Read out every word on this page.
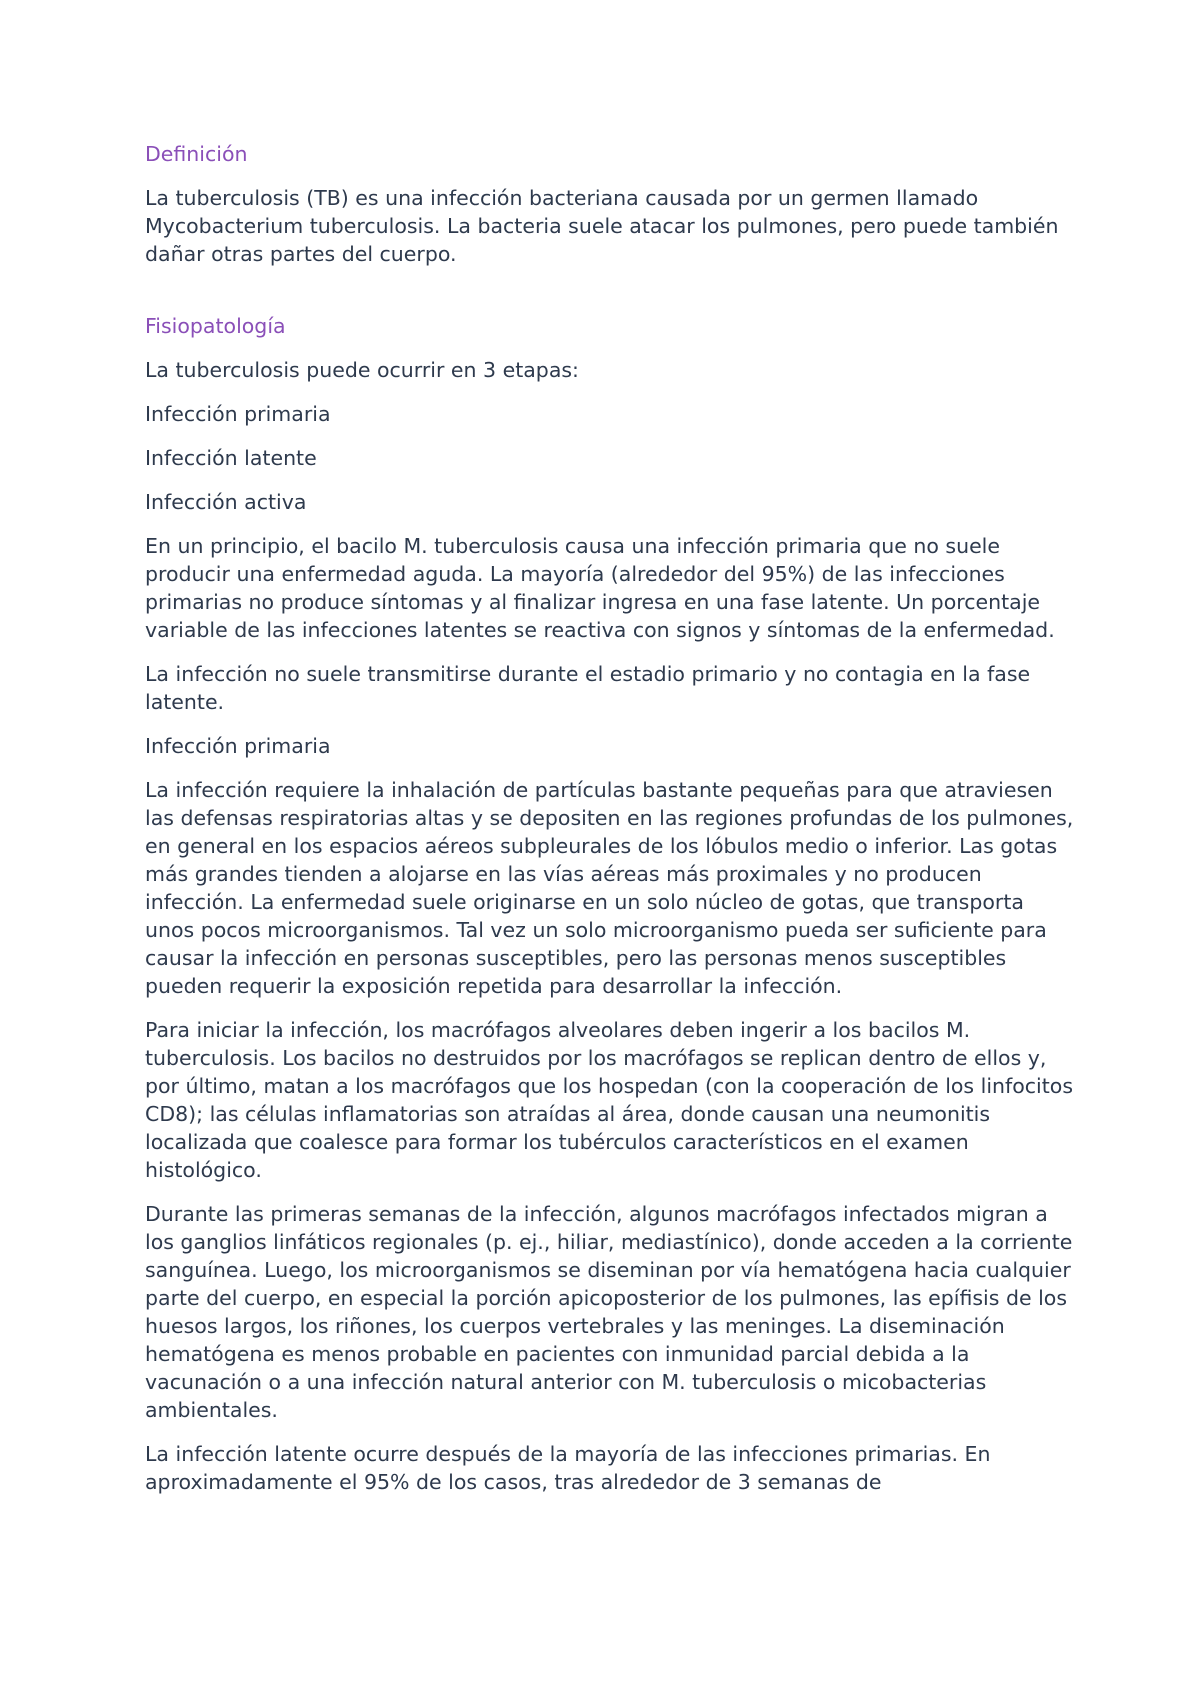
Definición

La tuberculosis (TB) es una infección bacteriana causada por un germen llamado Mycobacterium tuberculosis. La bacteria suele atacar los pulmones, pero puede también dañar otras partes del cuerpo.

Fisiopatología

La tuberculosis puede ocurrir en 3 etapas:

Infección primaria

Infección latente

Infección activa

En un principio, el bacilo M. tuberculosis causa una infección primaria que no suele producir una enfermedad aguda. La mayoría (alrededor del 95%) de las infecciones primarias no produce síntomas y al finalizar ingresa en una fase latente. Un porcentaje variable de las infecciones latentes se reactiva con signos y síntomas de la enfermedad.

La infección no suele transmitirse durante el estadio primario y no contagia en la fase latente.

Infección primaria

La infección requiere la inhalación de partículas bastante pequeñas para que atraviesen las defensas respiratorias altas y se depositen en las regiones profundas de los pulmones, en general en los espacios aéreos subpleurales de los lóbulos medio o inferior. Las gotas más grandes tienden a alojarse en las vías aéreas más proximales y no producen infección. La enfermedad suele originarse en un solo núcleo de gotas, que transporta unos pocos microorganismos. Tal vez un solo microorganismo pueda ser suficiente para causar la infección en personas susceptibles, pero las personas menos susceptibles pueden requerir la exposición repetida para desarrollar la infección.

Para iniciar la infección, los macrófagos alveolares deben ingerir a los bacilos M. tuberculosis. Los bacilos no destruidos por los macrófagos se replican dentro de ellos y, por último, matan a los macrófagos que los hospedan (con la cooperación de los linfocitos CD8); las células inflamatorias son atraídas al área, donde causan una neumonitis localizada que coalesce para formar los tubérculos característicos en el examen histológico.

Durante las primeras semanas de la infección, algunos macrófagos infectados migran a los ganglios linfáticos regionales (p. ej., hiliar, mediastínico), donde acceden a la corriente sanguínea. Luego, los microorganismos se diseminan por vía hematógena hacia cualquier parte del cuerpo, en especial la porción apicoposterior de los pulmones, las epífisis de los huesos largos, los riñones, los cuerpos vertebrales y las meninges. La diseminación hematógena es menos probable en pacientes con inmunidad parcial debida a la vacunación o a una infección natural anterior con M. tuberculosis o micobacterias ambientales.

La infección latente ocurre después de la mayoría de las infecciones primarias. En aproximadamente el 95% de los casos, tras alrededor de 3 semanas de
